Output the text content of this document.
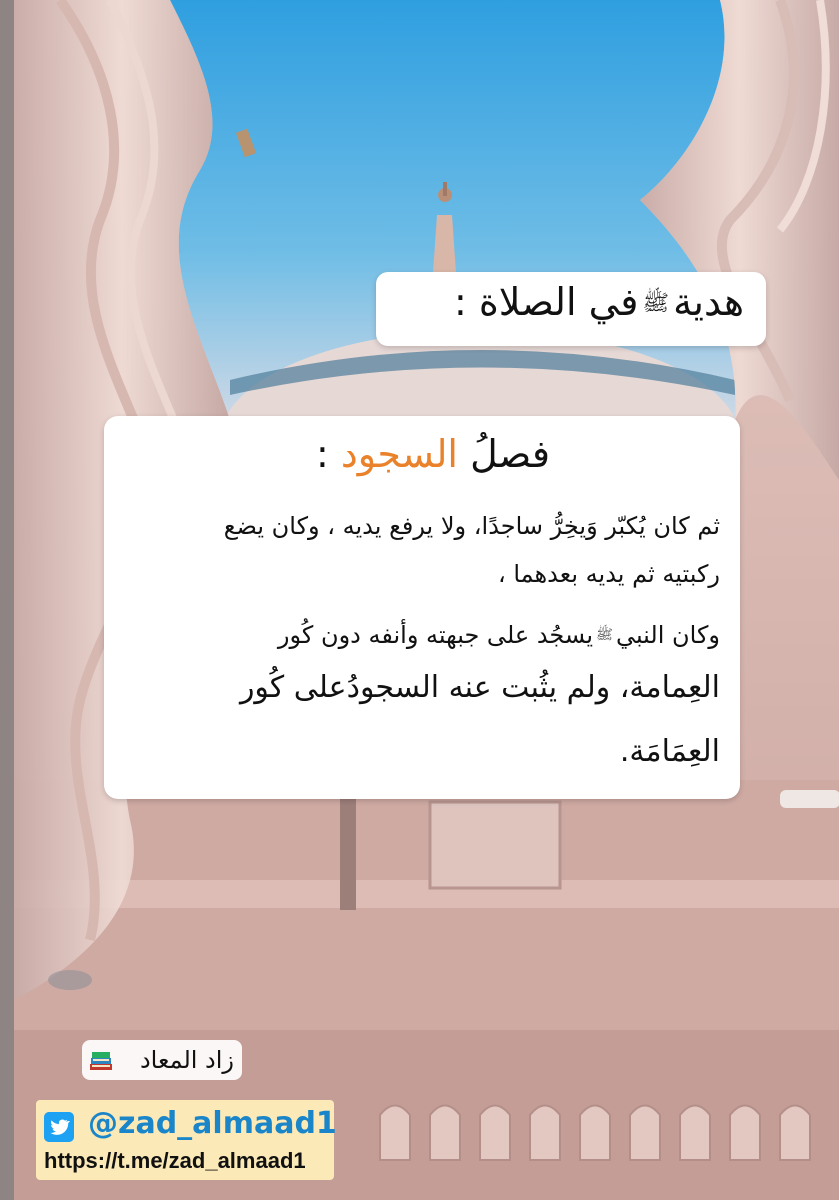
هديةﷺفي الصلاة :
فصلُ السجود :
ثم كان يُكبّر وَيخِرُّ ساجدًا، ولا يرفع يديه ، وكان يضع
ركبتيه ثم يديه بعدهما ،
وكان النبيﷺيسجُد على جبهته وأنفه دون كُور
العِمامة، ولم يثُبت عنه السجودُعلى كُور
العِمَامَة.
زاد المعاد
@zad_almaad1
https://t.me/zad_almaad1
